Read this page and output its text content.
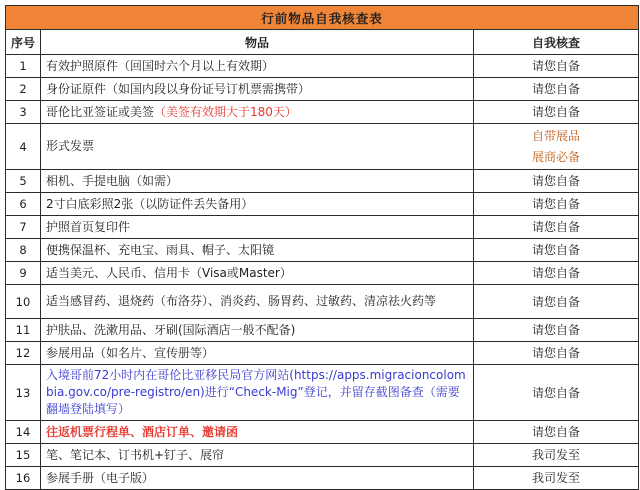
行前物品自我核查表		
序号	物品	自我核查
1	有效护照原件（回国时六个月以上有效期）	请您自备

2	身份证原件（如国内段以身份证号订机票需携带）	请您自备

3	哥伦比亚签证或美签（美签有效期大于180天）	请您自备

4	形式发票	自带展品
展商必备

5	相机、手提电脑（如需）	请您自备

6	2寸白底彩照2张（以防证件丢失备用）	请您自备

7	护照首页复印件	请您自备

8	便携保温杯、充电宝、雨具、帽子、太阳镜	请您自备

9	适当美元、人民币、信用卡（Visa或Master）	请您自备

10	适当感冒药、退烧药（布洛芬）、消炎药、肠胃药、过敏药、清凉祛火药等	请您自备

11	护肤品、洗漱用品、牙刷(国际酒店一般不配备)	请您自备

12	参展用品（如名片、宣传册等）	请您自备

13	入境哥前72小时内在哥伦比亚移民局官方网站(https://apps.migracioncolombia.gov.co/pre-registro/en)进行“Check-Mig”登记，并留存截图备查（需要翻墙登陆填写）	请您自备

14	往返机票行程单、酒店订单、邀请函	请您自备

15	笔、笔记本、订书机+钉子、展帘	我司发至

16	参展手册（电子版）	我司发至
